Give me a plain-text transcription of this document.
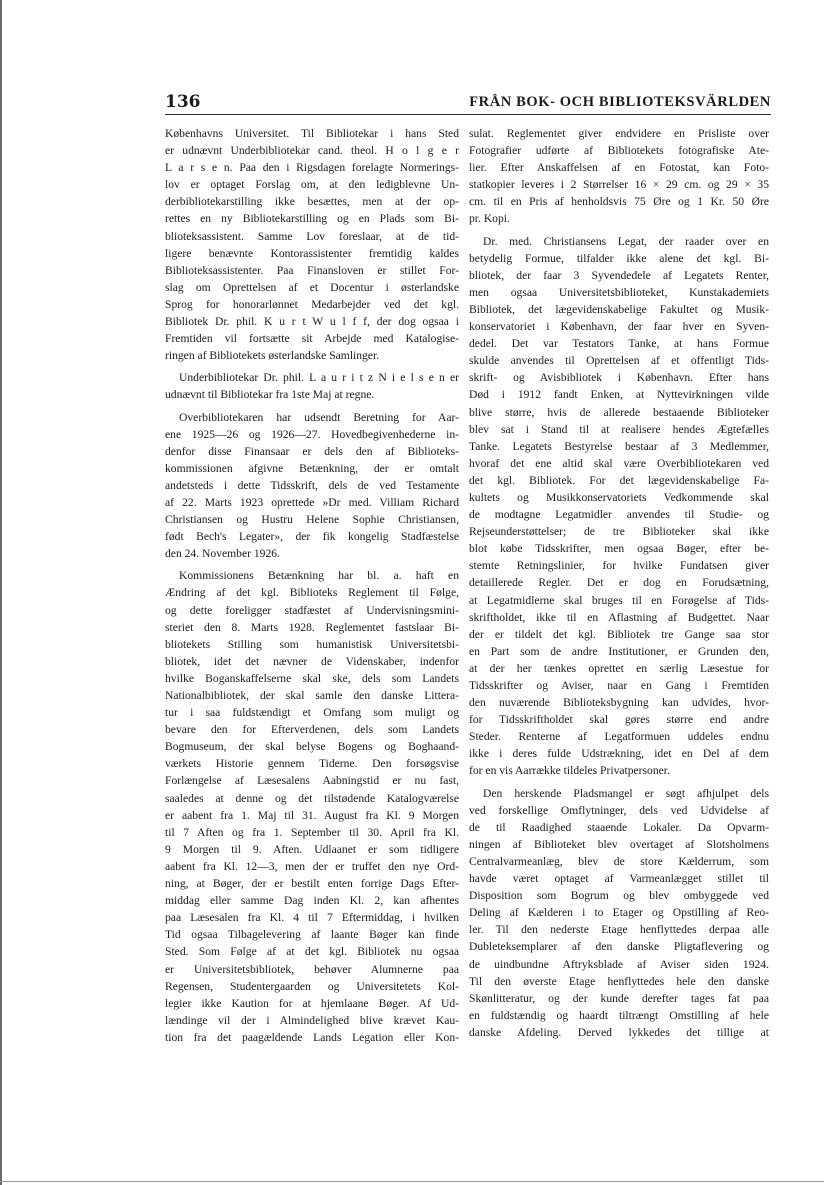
136	FRÅN BOK- OCH BIBLIOTEKSVÄRLDEN
Københavns Universitet. Til Bibliotekar i hans Sted
er udnævnt Underbibliotekar cand. theol. H o l g e r
L a r s e n. Paa den i Rigsdagen forelagte Normerings-
lov er optaget Forslag om, at den ledigblevne Un-
derbibliotekarstilling ikke besættes, men at der op-
rettes en ny Bibliotekarstilling og en Plads som Bi-
blioteksassistent. Samme Lov foreslaar, at de tid-
ligere benævnte Kontorassistenter fremtidig kaldes
Biblioteksassistenter. Paa Finansloven er stillet For-
slag om Oprettelsen af et Docentur i østerlandske
Sprog for honorarlønnet Medarbejder ved det kgl.
Bibliotek Dr. phil. K u r t W u l f f, der dog ogsaa i
Fremtiden vil fortsætte sit Arbejde med Katalogise-
ringen af Bibliotekets østerlandske Samlinger.
Underbibliotekar Dr. phil. L a u r i t z N i e l s e n er
udnævnt til Bibliotekar fra 1ste Maj at regne.
Overbibliotekaren har udsendt Beretning for Aar-
ene 1925—26 og 1926—27. Hovedbegivenhederne in-
denfor disse Finansaar er dels den af Biblioteks-
kommissionen afgivne Betænkning, der er omtalt
andetsteds i dette Tidsskrift, dels de ved Testamente
af 22. Marts 1923 oprettede »Dr med. Villiam Richard
Christiansen og Hustru Helene Sophie Christiansen,
født Bech's Legater», der fik kongelig Stadfæstelse
den 24. November 1926.
Kommissionens Betænkning har bl. a. haft en
Ændring af det kgl. Biblioteks Reglement til Følge,
og dette foreligger stadfæstet af Undervisningsmini-
steriet den 8. Marts 1928. Reglementet fastslaar Bi-
bliotekets Stilling som humanistisk Universitetsbi-
bliotek, idet det nævner de Videnskaber, indenfor
hvilke Boganskaffelserne skal ske, dels som Landets
Nationalbibliotek, der skal samle den danske Littera-
tur i saa fuldstændigt et Omfang som muligt og
bevare den for Efterverdenen, dels som Landets
Bogmuseum, der skal belyse Bogens og Boghaand-
værkets Historie gennem Tiderne. Den forsøgsvise
Forlængelse af Læsesalens Aabningstid er nu fast,
saaledes at denne og det tilstødende Katalogværelse
er aabent fra 1. Maj til 31. August fra Kl. 9 Morgen
til 7 Aften og fra 1. September til 30. April fra Kl.
9 Morgen til 9. Aften. Udlaanet er som tidligere
aabent fra Kl. 12—3, men der er truffet den nye Ord-
ning, at Bøger, der er bestilt enten forrige Dags Efter-
middag eller samme Dag inden Kl. 2, kan afhentes
paa Læsesalen fra Kl. 4 til 7 Eftermiddag, i hvilken
Tid ogsaa Tilbagelevering af laante Bøger kan finde
Sted. Som Følge af at det kgl. Bibliotek nu ogsaa
er Universitetsbibliotek, behøver Alumnerne paa
Regensen, Studentergaarden og Universitetets Kol-
legier ikke Kaution for at hjemlaane Bøger. Af Ud-
lændinge vil der i Almindelighed blive krævet Kau-
tion fra det paagældende Lands Legation eller Kon-
sulat. Reglementet giver endvidere en Prisliste over
Fotografier udførte af Bibliotekets fotografiske Ate-
lier. Efter Anskaffelsen af en Fotostat, kan Foto-
statkopier leveres i 2 Størrelser 16 × 29 cm. og 29 × 35
cm. til en Pris af henholdsvis 75 Øre og 1 Kr. 50 Øre
pr. Kopi.
Dr. med. Christiansens Legat, der raader over en
betydelig Formue, tilfalder ikke alene det kgl. Bi-
bliotek, der faar 3 Syvendedele af Legatets Renter,
men ogsaa Universitetsbiblioteket, Kunstakademiets
Bibliotek, det lægevidenskabelige Fakultet og Musik-
konservatoriet i København, der faar hver en Syven-
dedel. Det var Testators Tanke, at hans Formue
skulde anvendes til Oprettelsen af et offentligt Tids-
skrift- og Avisbibliotek i København. Efter hans
Død i 1912 fandt Enken, at Nyttevirkningen vilde
blive større, hvis de allerede bestaaende Biblioteker
blev sat i Stand til at realisere hendes Ægtefælles
Tanke. Legatets Bestyrelse bestaar af 3 Medlemmer,
hvoraf det ene altid skal være Overbibliotekaren ved
det kgl. Bibliotek. For det lægevidenskabelige Fa-
kultets og Musikkonservatoriets Vedkommende skal
de modtagne Legatmidler anvendes til Studie- og
Rejseunderstøttelser; de tre Biblioteker skal ikke
blot købe Tidsskrifter, men ogsaa Bøger, efter be-
stemte Retningslinier, for hvilke Fundatsen giver
detaillerede Regler. Det er dog en Forudsætning,
at Legatmidlerne skal bruges til en Forøgelse af Tids-
skriftholdet, ikke til en Aflastning af Budgettet. Naar
der er tildelt det kgl. Bibliotek tre Gange saa stor
en Part som de andre Institutioner, er Grunden den,
at der her tænkes oprettet en særlig Læsestue for
Tidsskrifter og Aviser, naar en Gang i Fremtiden
den nuværende Biblioteksbygning kan udvides, hvor-
for Tidsskriftholdet skal gøres større end andre
Steder. Renterne af Legatformuen uddeles endnu
ikke i deres fulde Udstrækning, idet en Del af dem
for en vis Aarrække tildeles Privatpersoner.
Den herskende Pladsmangel er søgt afhjulpet dels
ved forskellige Omflytninger, dels ved Udvidelse af
de til Raadighed staaende Lokaler. Da Opvarm-
ningen af Biblioteket blev overtaget af Slotsholmens
Centralvarmeanlæg, blev de store Kælderrum, som
havde været optaget af Varmeanlægget stillet til
Disposition som Bogrum og blev ombyggede ved
Deling af Kælderen i to Etager og Opstilling af Reo-
ler. Til den nederste Etage henflyttedes derpaa alle
Dubleteksemplarer af den danske Pligtaflevering og
de uindbundne Aftryksblade af Aviser siden 1924.
Til den øverste Etage henflyttedes hele den danske
Skønlitteratur, og der kunde derefter tages fat paa
en fuldstændig og haardt tiltrængt Omstilling af hele
danske Afdeling. Derved lykkedes det tillige at
